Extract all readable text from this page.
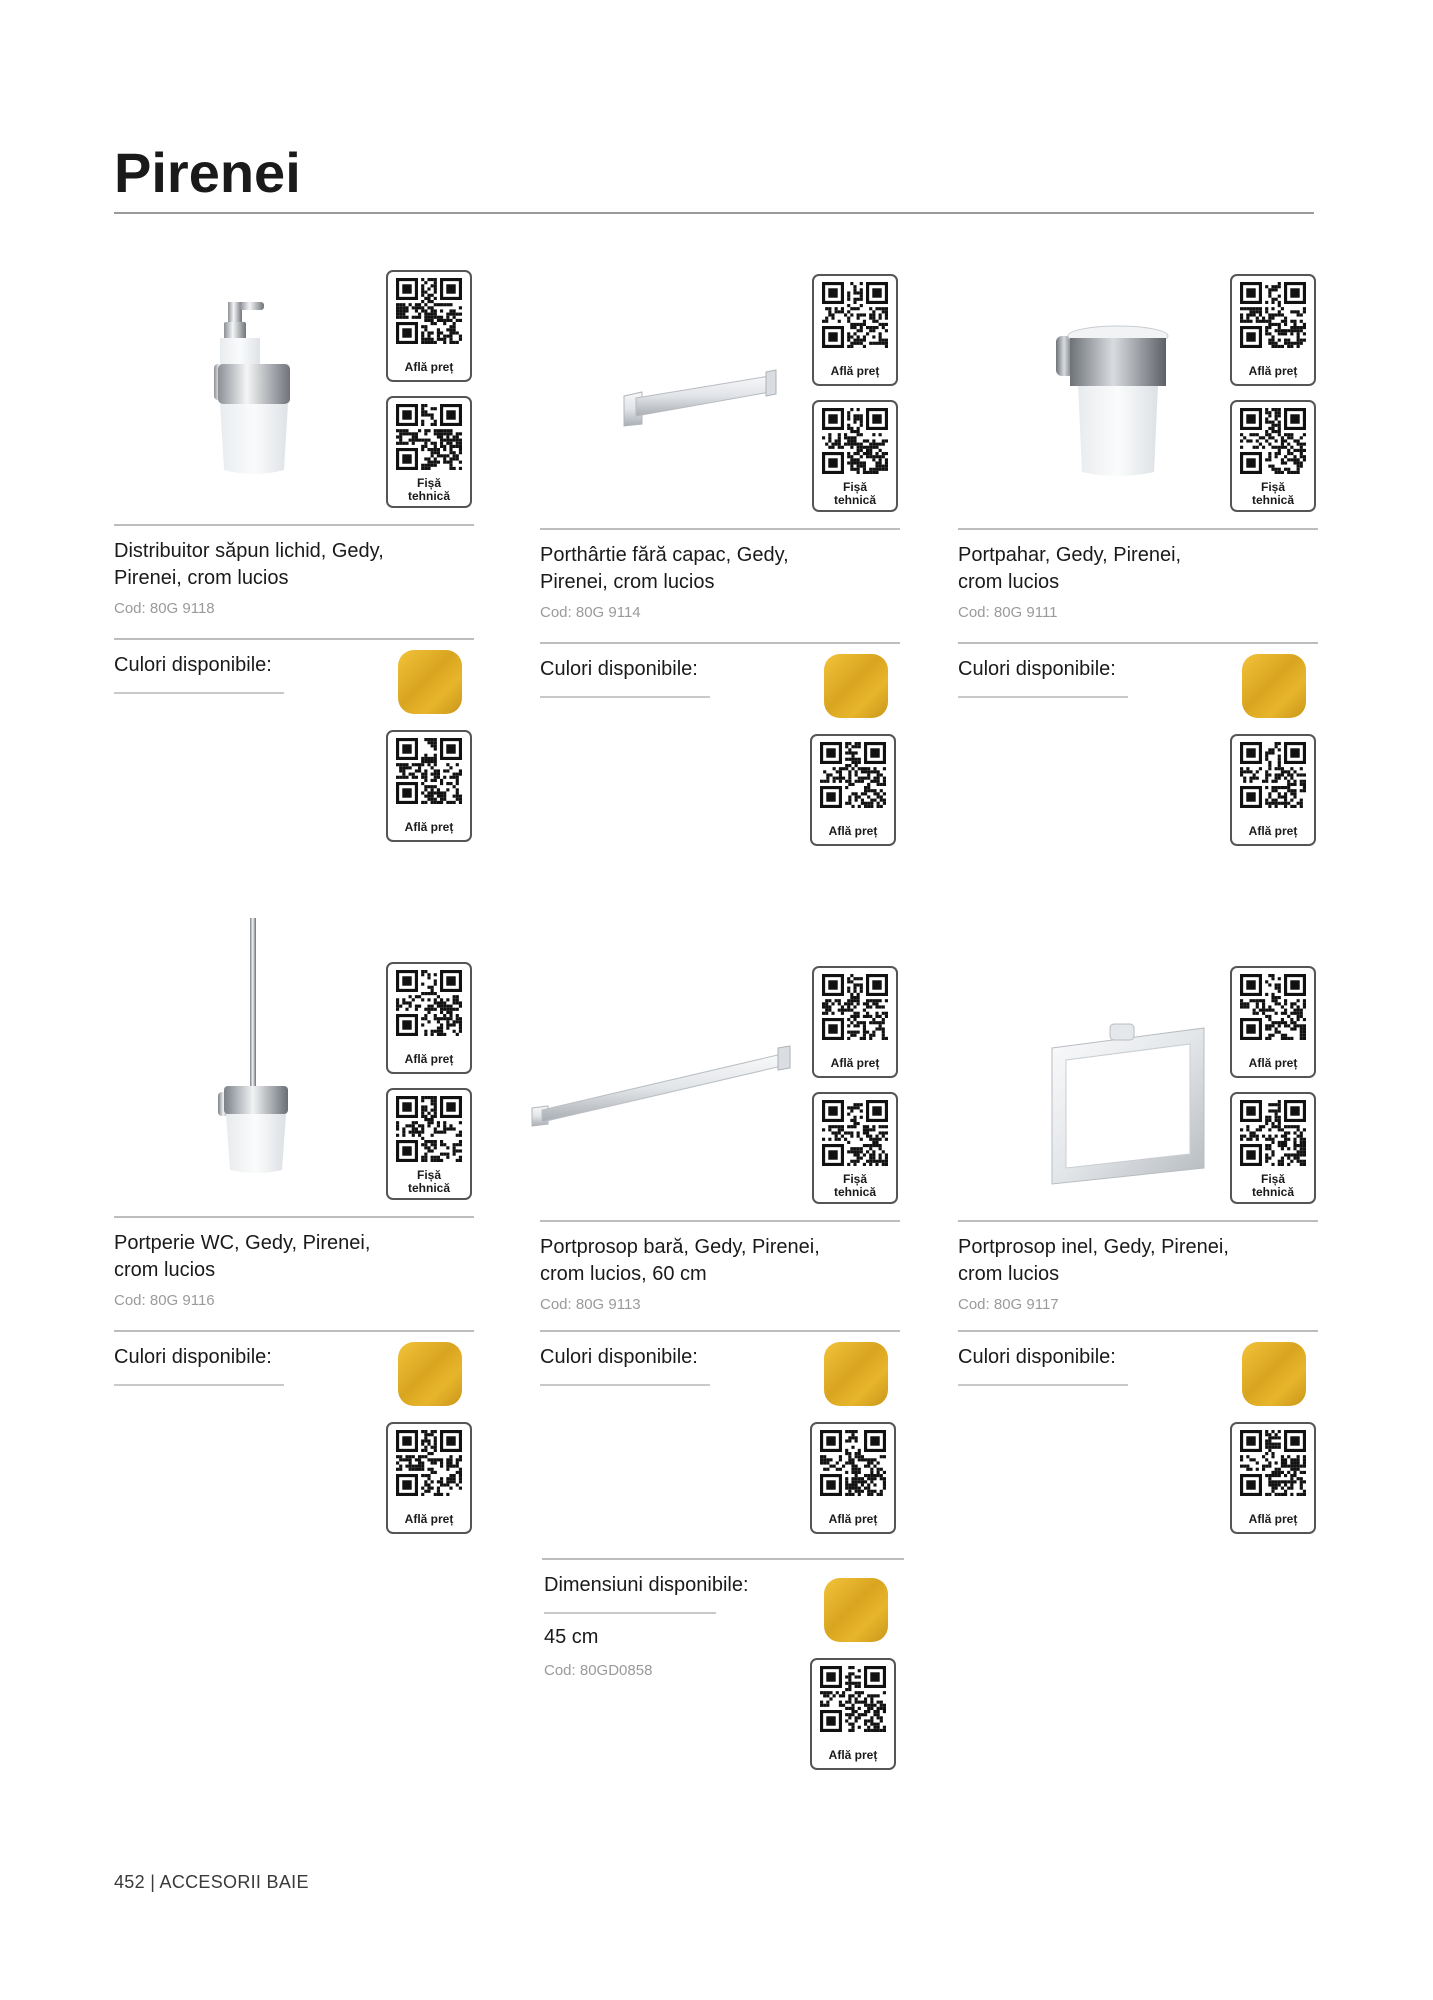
Pirenei
Află preț
Fișă
tehnică
Distribuitor săpun lichid, Gedy,
Pirenei, crom lucios
Cod: 80G 9118
Culori disponibile:
Află preț
Află preț
Fișă
tehnică
Porthârtie fără capac, Gedy,
Pirenei, crom lucios
Cod: 80G 9114
Culori disponibile:
Află preț
Află preț
Fișă
tehnică
Portpahar, Gedy, Pirenei,
crom lucios
Cod: 80G 9111
Culori disponibile:
Află preț
Află preț
Fișă
tehnică
Portperie WC, Gedy, Pirenei,
crom lucios
Cod: 80G 9116
Culori disponibile:
Află preț
Află preț
Fișă
tehnică
Portprosop bară, Gedy, Pirenei,
crom lucios, 60 cm
Cod: 80G 9113
Culori disponibile:
Află preț
Află preț
Fișă
tehnică
Portprosop inel, Gedy, Pirenei,
crom lucios
Cod: 80G 9117
Culori disponibile:
Află preț
Dimensiuni disponibile:
45 cm
Cod: 80GD0858
Află preț
452 | ACCESORII BAIE
